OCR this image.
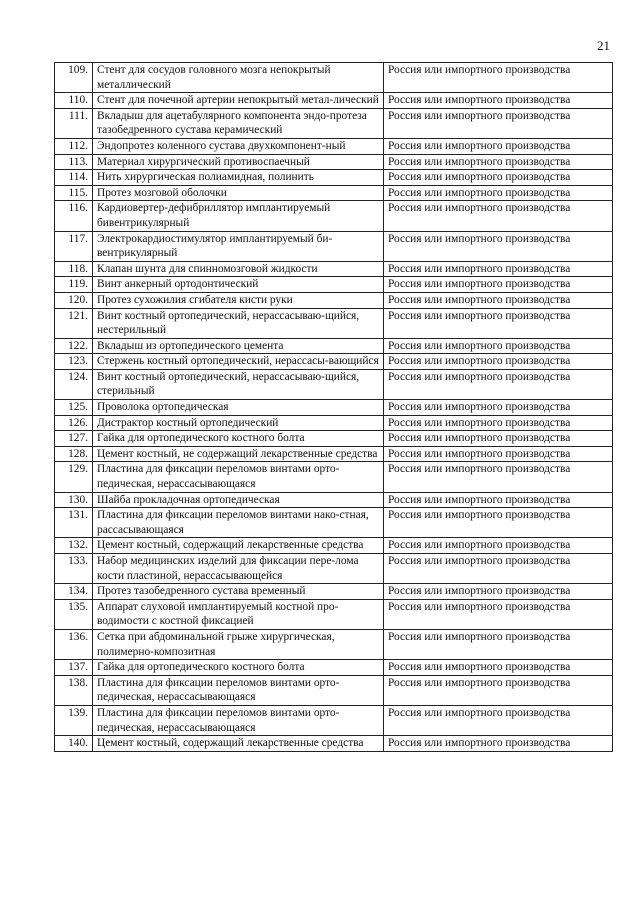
21
109.	Стент для сосудов головного мозга непокрытый металлический	Россия или импортного производства
110.	Стент для почечной артерии непокрытый метал-лический	Россия или импортного производства
111.	Вкладыш для ацетабулярного компонента эндо-протеза тазобедренного сустава керамический	Россия или импортного производства
112.	Эндопротез коленного сустава двухкомпонент-ный	Россия или импортного производства
113.	Материал хирургический противоспаечный	Россия или импортного производства
114.	Нить хирургическая полиамидная, полинить	Россия или импортного производства
115.	Протез мозговой оболочки	Россия или импортного производства
116.	Кардиовертер-дефибриллятор имплантируемый бивентрикулярный	Россия или импортного производства
117.	Электрокардиостимулятор имплантируемый би-вентрикулярный	Россия или импортного производства
118.	Клапан шунта для спинномозговой жидкости	Россия или импортного производства
119.	Винт анкерный ортодонтический	Россия или импортного производства
120.	Протез сухожилия сгибателя кисти руки	Россия или импортного производства
121.	Винт костный ортопедический, нерассасываю-щийся, нестерильный	Россия или импортного производства
122.	Вкладыш из ортопедического цемента	Россия или импортного производства
123.	Стержень костный ортопедический, нерассасы-вающийся	Россия или импортного производства
124.	Винт костный ортопедический, нерассасываю-щийся, стерильный	Россия или импортного производства
125.	Проволока ортопедическая	Россия или импортного производства
126.	Дистрактор костный ортопедический	Россия или импортного производства
127.	Гайка для ортопедического костного болта	Россия или импортного производства
128.	Цемент костный, не содержащий лекарственные средства	Россия или импортного производства
129.	Пластина для фиксации переломов винтами орто-педическая, нерассасывающаяся	Россия или импортного производства
130.	Шайба прокладочная ортопедическая	Россия или импортного производства
131.	Пластина для фиксации переломов винтами нако-стная, рассасывающаяся	Россия или импортного производства
132.	Цемент костный, содержащий лекарственные средства	Россия или импортного производства
133.	Набор медицинских изделий для фиксации пере-лома кости пластиной, нерассасывающейся	Россия или импортного производства
134.	Протез тазобедренного сустава временный	Россия или импортного производства
135.	Аппарат слуховой имплантируемый костной про-водимости с костной фиксацией	Россия или импортного производства
136.	Сетка при абдоминальной грыже хирургическая, полимерно-композитная	Россия или импортного производства
137.	Гайка для ортопедического костного болта	Россия или импортного производства
138.	Пластина для фиксации переломов винтами орто-педическая, нерассасывающаяся	Россия или импортного производства
139.	Пластина для фиксации переломов винтами орто-педическая, нерассасывающаяся	Россия или импортного производства
140.	Цемент костный, содержащий лекарственные средства	Россия или импортного производства
